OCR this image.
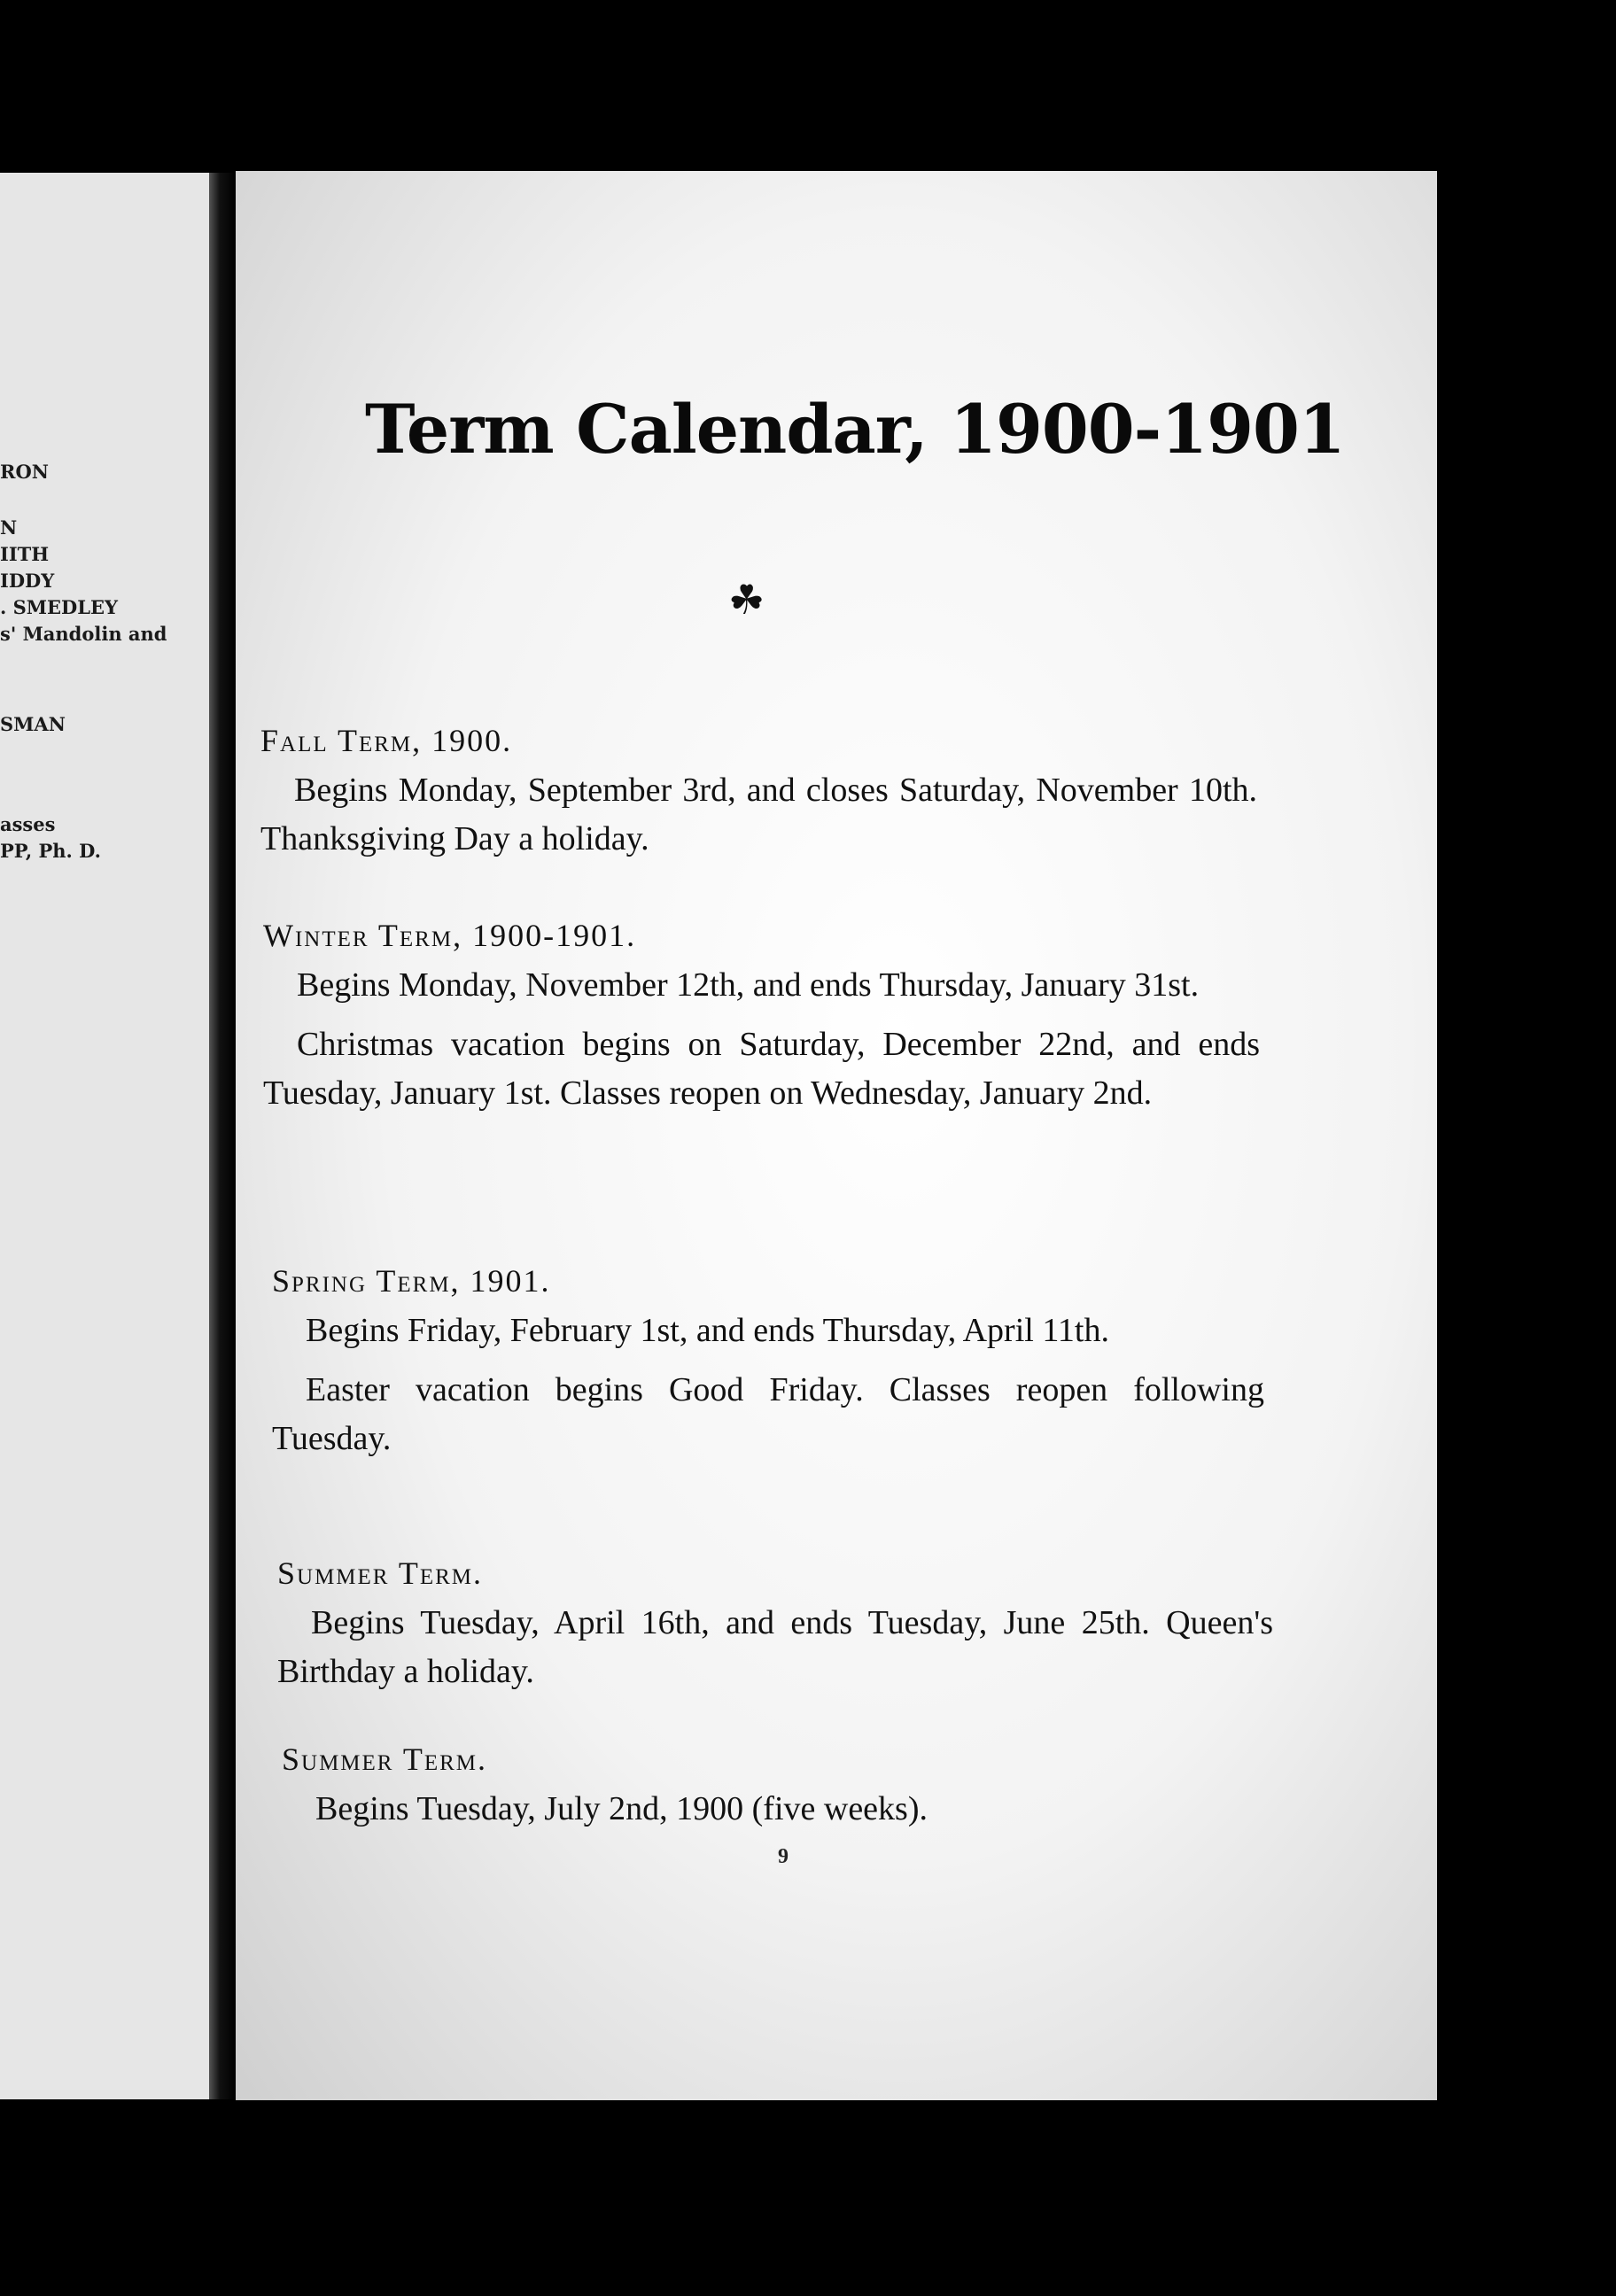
RON
N
IITH
IDDY
. SMEDLEY
s' Mandolin and
SMAN
asses
PP, Ph. D.
Term Calendar, 1900-1901
☘
Fall Term, 1900.
Begins Monday, September 3rd, and closes Saturday, November 10th. Thanksgiving Day a holiday.
Winter Term, 1900-1901.
Begins Monday, November 12th, and ends Thursday, January 31st.
Christmas vacation begins on Saturday, December 22nd, and ends Tuesday, January 1st. Classes reopen on Wednesday, January 2nd.
Spring Term, 1901.
Begins Friday, February 1st, and ends Thursday, April 11th.
Easter vacation begins Good Friday. Classes reopen following Tuesday.
Summer Term.
Begins Tuesday, April 16th, and ends Tuesday, June 25th. Queen's Birthday a holiday.
Summer Term.
Begins Tuesday, July 2nd, 1900 (five weeks).
9
